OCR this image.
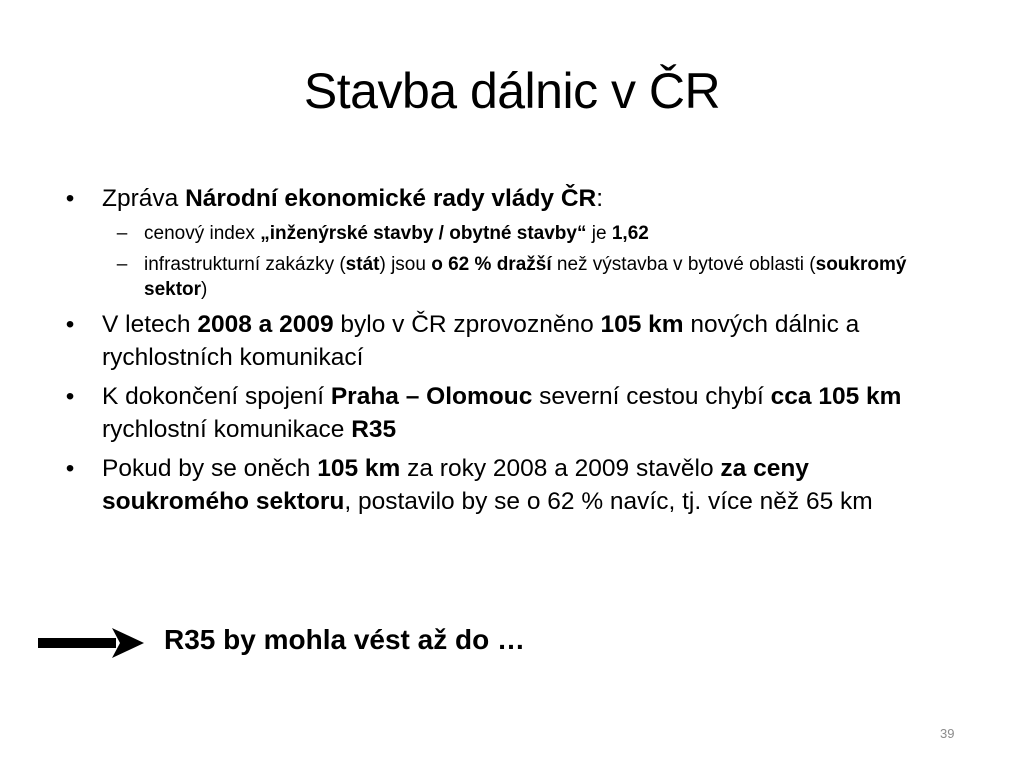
Stavba dálnic v ČR
• Zpráva Národní ekonomické rady vlády ČR:
– cenový index „inženýrské stavby / obytné stavby“ je 1,62
– infrastrukturní zakázky (stát) jsou o 62 % dražší než výstavba v bytové oblasti (soukromý sektor)
• V letech 2008 a 2009 bylo v ČR zprovozněno 105 km nových dálnic a rychlostních komunikací
• K dokončení spojení Praha – Olomouc severní cestou chybí cca 105 km rychlostní komunikace R35
• Pokud by se oněch 105 km za roky 2008 a 2009 stavělo za ceny soukromého sektoru, postavilo by se o 62 % navíc, tj. více něž 65 km
R35 by mohla vést až do …
39
